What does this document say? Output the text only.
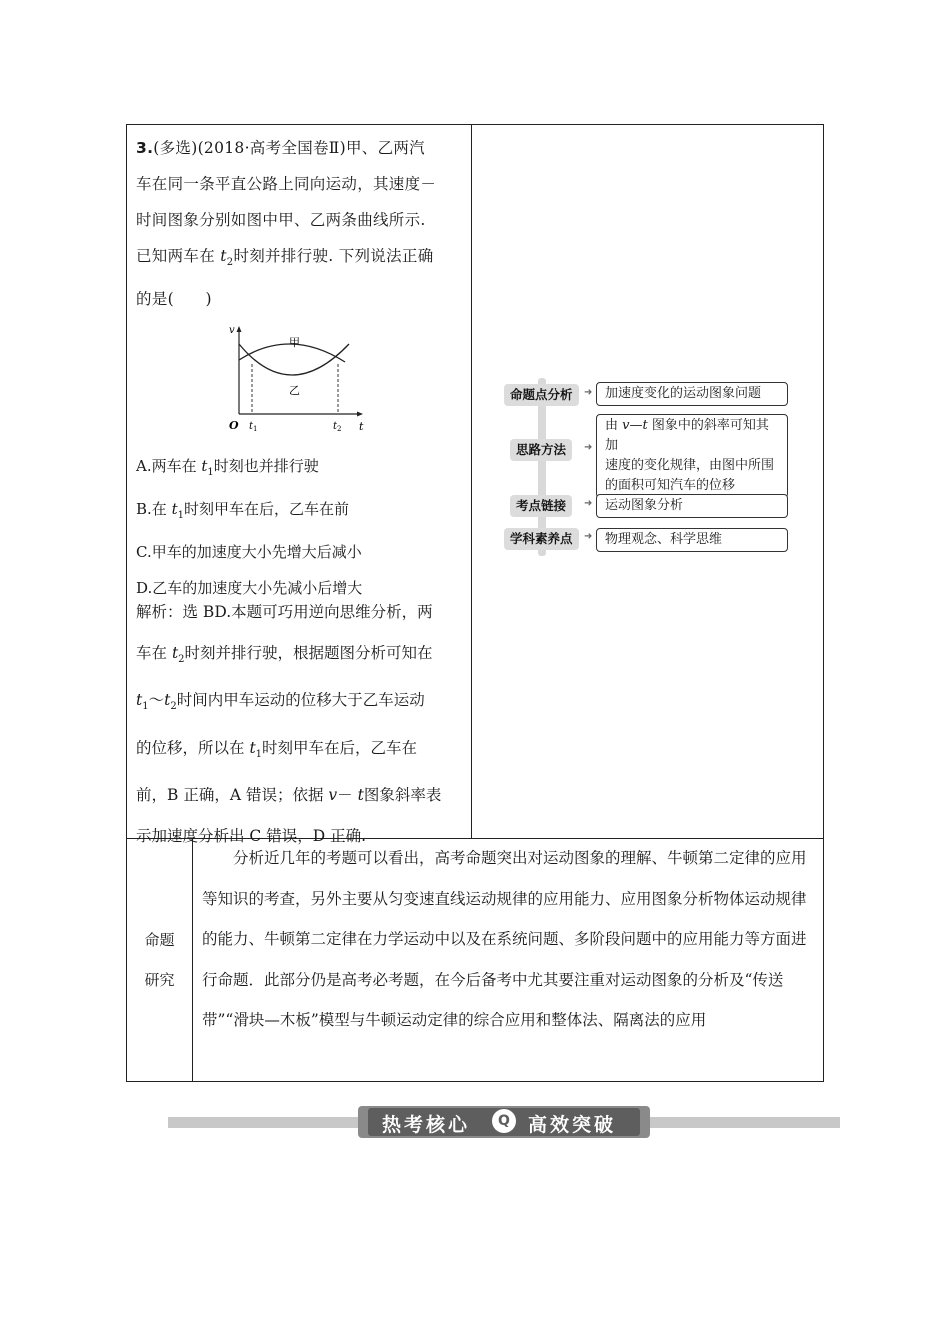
3.(多选)(2018·高考全国卷Ⅱ)甲、乙两汽
车在同一条平直公路上同向运动，其速度－
时间图象分别如图中甲、乙两条曲线所示.
已知两车在 $t_2$时刻并排行驶. 下列说法正确
的是(　　)
v
t
O $t_1$	$t_2$
甲
乙
A.两车在 $t_1$时刻也并排行驶
B.在 $t_1$时刻甲车在后，乙车在前
C.甲车的加速度大小先增大后减小
D.乙车的加速度大小先减小后增大
解析：选 BD.本题可巧用逆向思维分析，两
车在 $t_2$时刻并排行驶，根据题图分析可知在
$t_1\sim t_2$时间内甲车运动的位移大于乙车运动
的位移，所以在 $t_1$时刻甲车在后，乙车在
前，B 正确，A 错误；依据 v－ t图象斜率表
示加速度分析出 C 错误，D 正确.
命题点分析	➜ 加速度变化的运动图象问题
思路方法	➜
由 v—t 图象中的斜率可知其加
速度的变化规律，由图中所围
的面积可知汽车的位移
考点链接	➜ 运动图象分析
学科素养点	➜ 物理观念、科学思维
命题
研究

分析近几年的考题可以看出，高考命题突出对运动图象的理解、牛顿第二定律的应用等知识的考查，另外主要从匀变速直线运动规律的应用能力、应用图象分析物体运动规律的能力、牛顿第二定律在力学运动中以及在系统问题、多阶段问题中的应用能力等方面进行命题．此部分仍是高考必考题，在今后备考中尤其要注重对运动图象的分析及“传送带”“滑块—木板”模型与牛顿运动定律的综合应用和整体法、隔离法的应用

热考核心	Q 高效突破
